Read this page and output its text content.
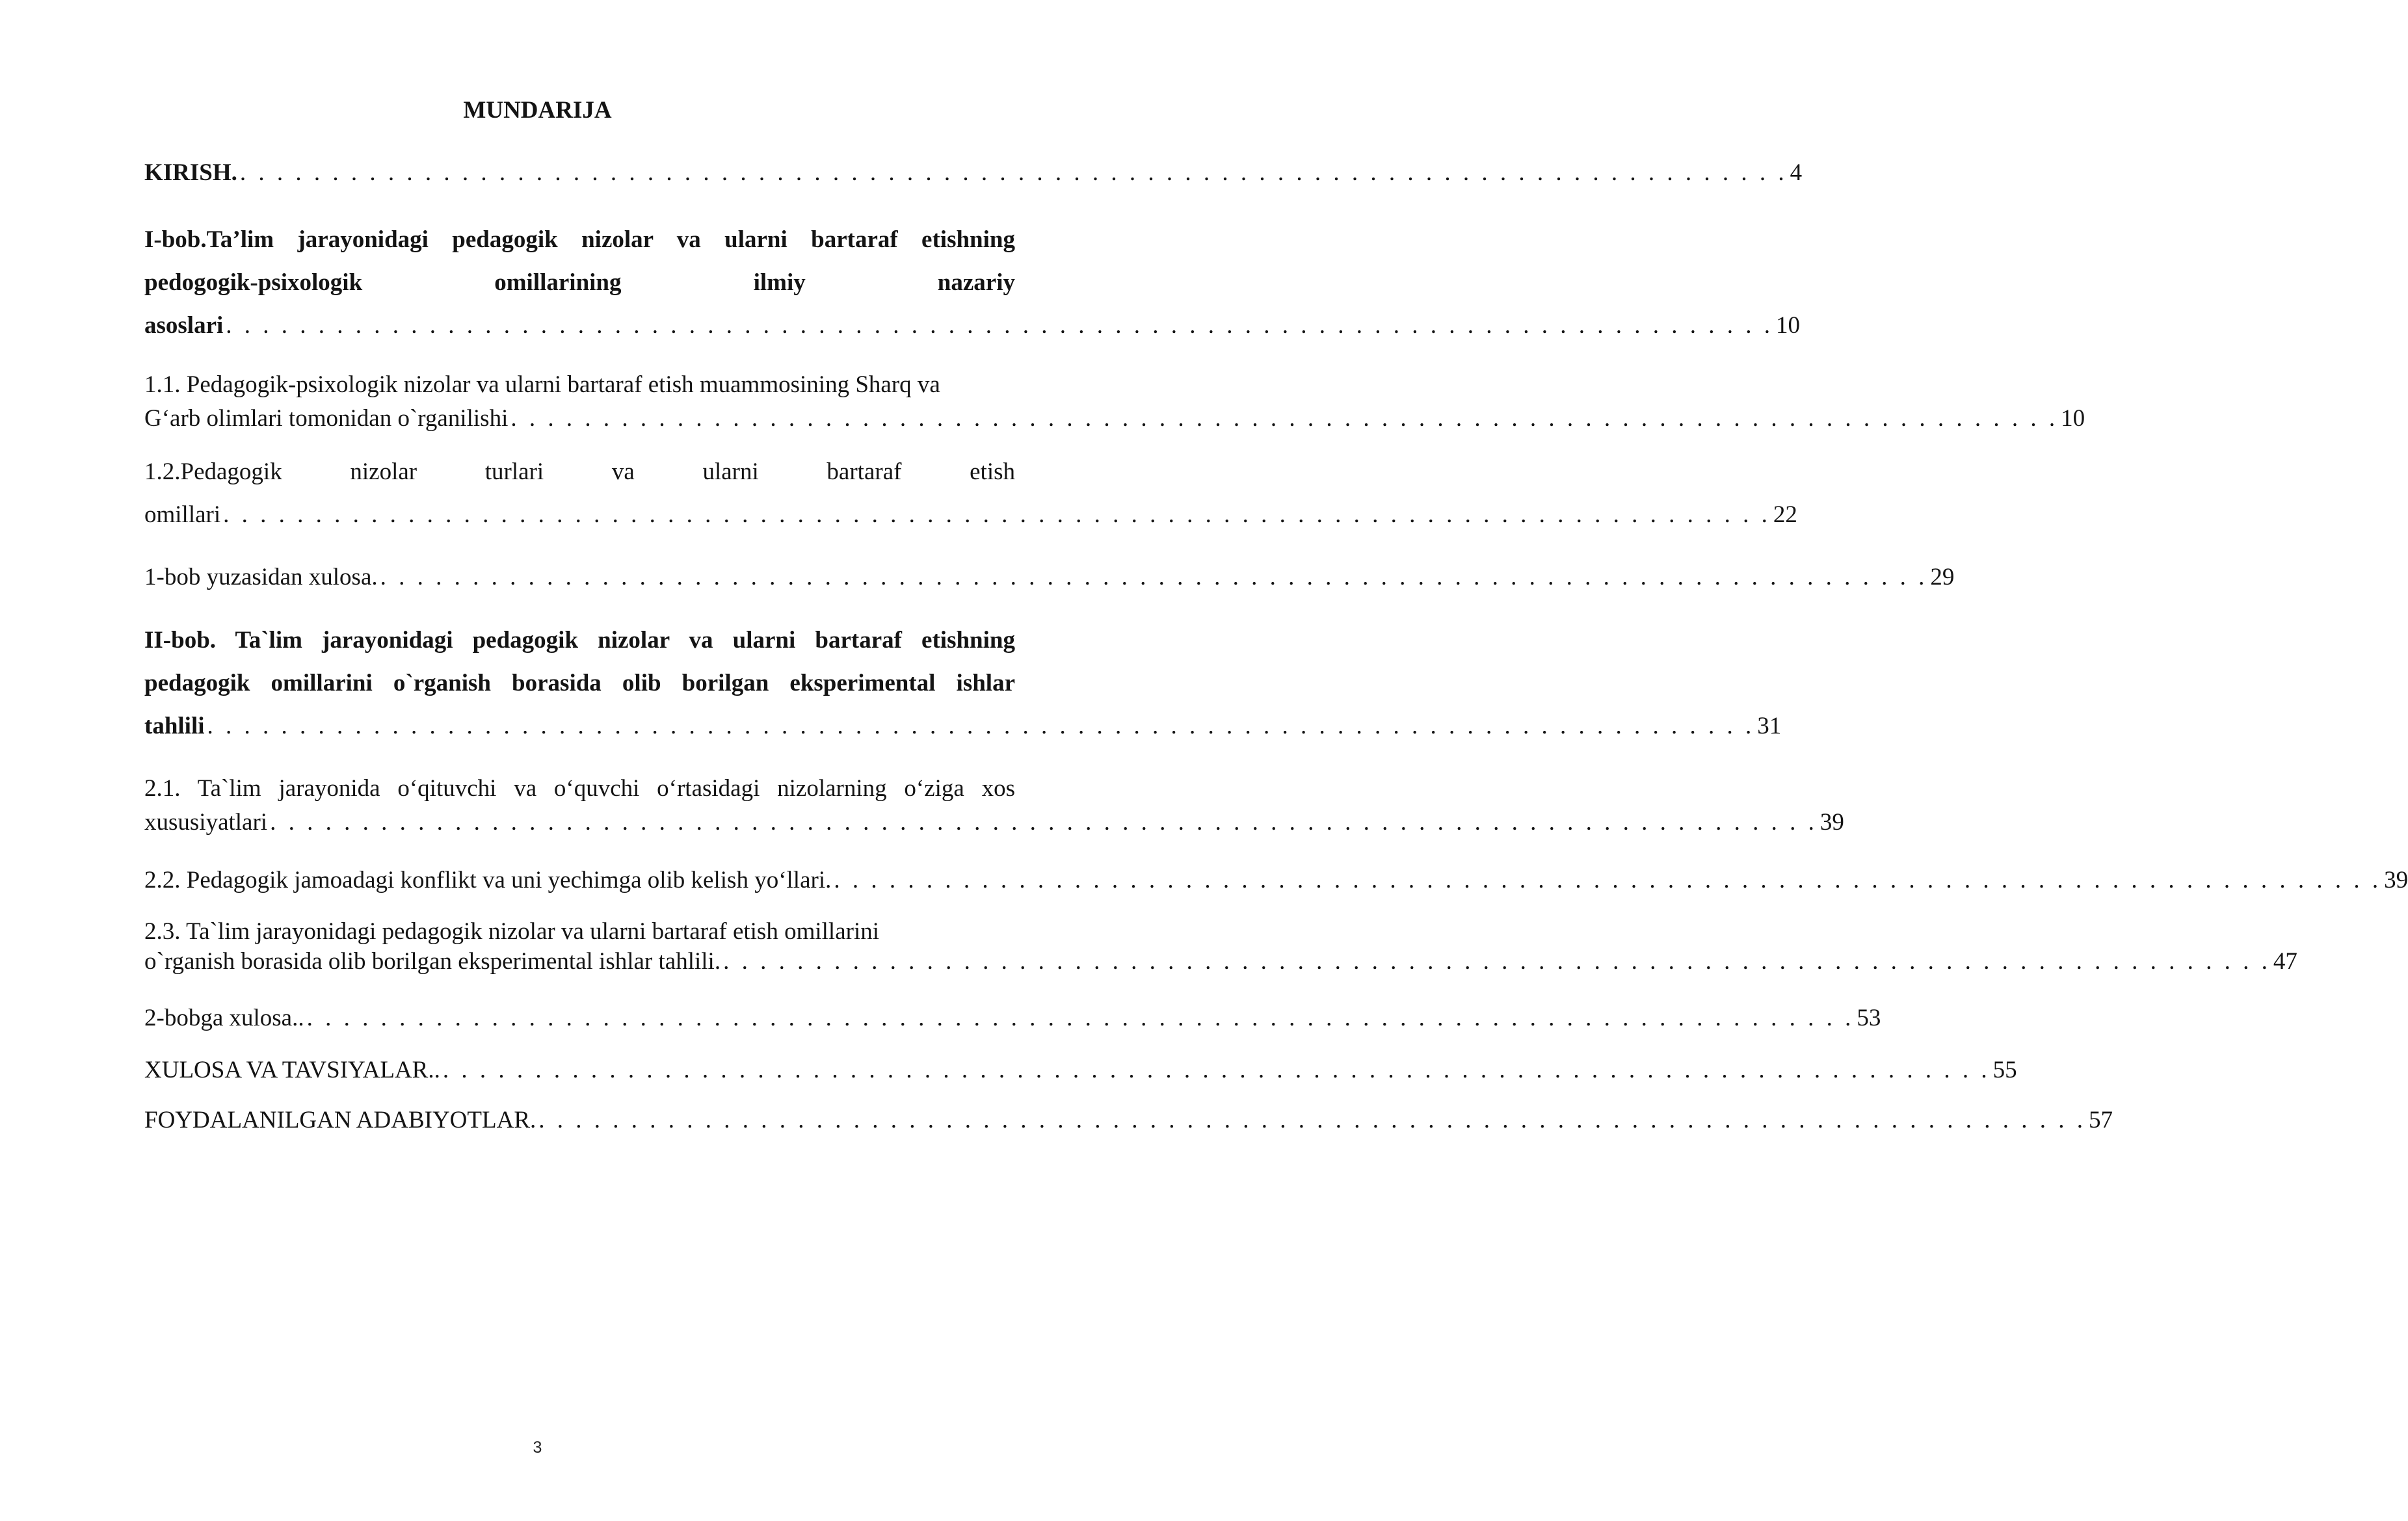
MUNDARIJA
KIRISH. . . . . . . . . . . . . . . . . . . . . . . . . . . . . . . . . . . . . . . . . . . . . . . . . . . . . . . . . . . . . . . . . . . . . . . . . . . . . . . . . . . . . 4
I-bob.Ta’lim jarayonidagi pedagogik nizolar va ularni bartaraf etishning
pedogogik-psixologik omillarining ilmiy nazariy
asoslari . . . . . . . . . . . . . . . . . . . . . . . . . . . . . . . . . . . . . . . . . . . . . . . . . . . . . . . . . . . . . . . . . . . . . . . . . . . . . . . . . . . . 10
1.1. Pedagogik-psixologik nizolar va ularni bartaraf etish muammosining Sharq va
G‘arb olimlari tomonidan o`rganilishi . . . . . . . . . . . . . . . . . . . . . . . . . . . . . . . . . . . . . . . . . . . . . . . . . . . . . . . . . . . . . . . . . . . . . . . . . . . . . . . . . . . . 10
1.2.Pedagogik nizolar turlari va ularni bartaraf etish
omillari . . . . . . . . . . . . . . . . . . . . . . . . . . . . . . . . . . . . . . . . . . . . . . . . . . . . . . . . . . . . . . . . . . . . . . . . . . . . . . . . . . . . 22
1-bob yuzasidan xulosa. . . . . . . . . . . . . . . . . . . . . . . . . . . . . . . . . . . . . . . . . . . . . . . . . . . . . . . . . . . . . . . . . . . . . . . . . . . . . . . . . . . . . 29
II-bob. Ta`lim jarayonidagi pedagogik nizolar va ularni bartaraf etishning
pedagogik omillarini o`rganish borasida olib borilgan eksperimental ishlar
tahlili . . . . . . . . . . . . . . . . . . . . . . . . . . . . . . . . . . . . . . . . . . . . . . . . . . . . . . . . . . . . . . . . . . . . . . . . . . . . . . . . . . . . 31
2.1. Ta`lim jarayonida o‘qituvchi va o‘quvchi o‘rtasidagi nizolarning o‘ziga xos
xususiyatlari . . . . . . . . . . . . . . . . . . . . . . . . . . . . . . . . . . . . . . . . . . . . . . . . . . . . . . . . . . . . . . . . . . . . . . . . . . . . . . . . . . . . 39
2.2. Pedagogik jamoadagi konflikt va uni yechimga olib kelish yo‘llari. . . . . . . . . . . . . . . . . . . . . . . . . . . . . . . . . . . . . . . . . . . . . . . . . . . . . . . . . . . . . . . . . . . . . . . . . . . . . . . . . . . . . 39
2.3. Ta`lim jarayonidagi pedagogik nizolar va ularni bartaraf etish omillarini
o`rganish borasida olib borilgan eksperimental ishlar tahlili. . . . . . . . . . . . . . . . . . . . . . . . . . . . . . . . . . . . . . . . . . . . . . . . . . . . . . . . . . . . . . . . . . . . . . . . . . . . . . . . . . . . . 47
2-bobga xulosa.. . . . . . . . . . . . . . . . . . . . . . . . . . . . . . . . . . . . . . . . . . . . . . . . . . . . . . . . . . . . . . . . . . . . . . . . . . . . . . . . . . . . . 53
XULOSA VA TAVSIYALAR.. . . . . . . . . . . . . . . . . . . . . . . . . . . . . . . . . . . . . . . . . . . . . . . . . . . . . . . . . . . . . . . . . . . . . . . . . . . . . . . . . . . . . 55
FOYDALANILGAN ADABIYOTLAR. . . . . . . . . . . . . . . . . . . . . . . . . . . . . . . . . . . . . . . . . . . . . . . . . . . . . . . . . . . . . . . . . . . . . . . . . . . . . . . . . . . . . 57
3
